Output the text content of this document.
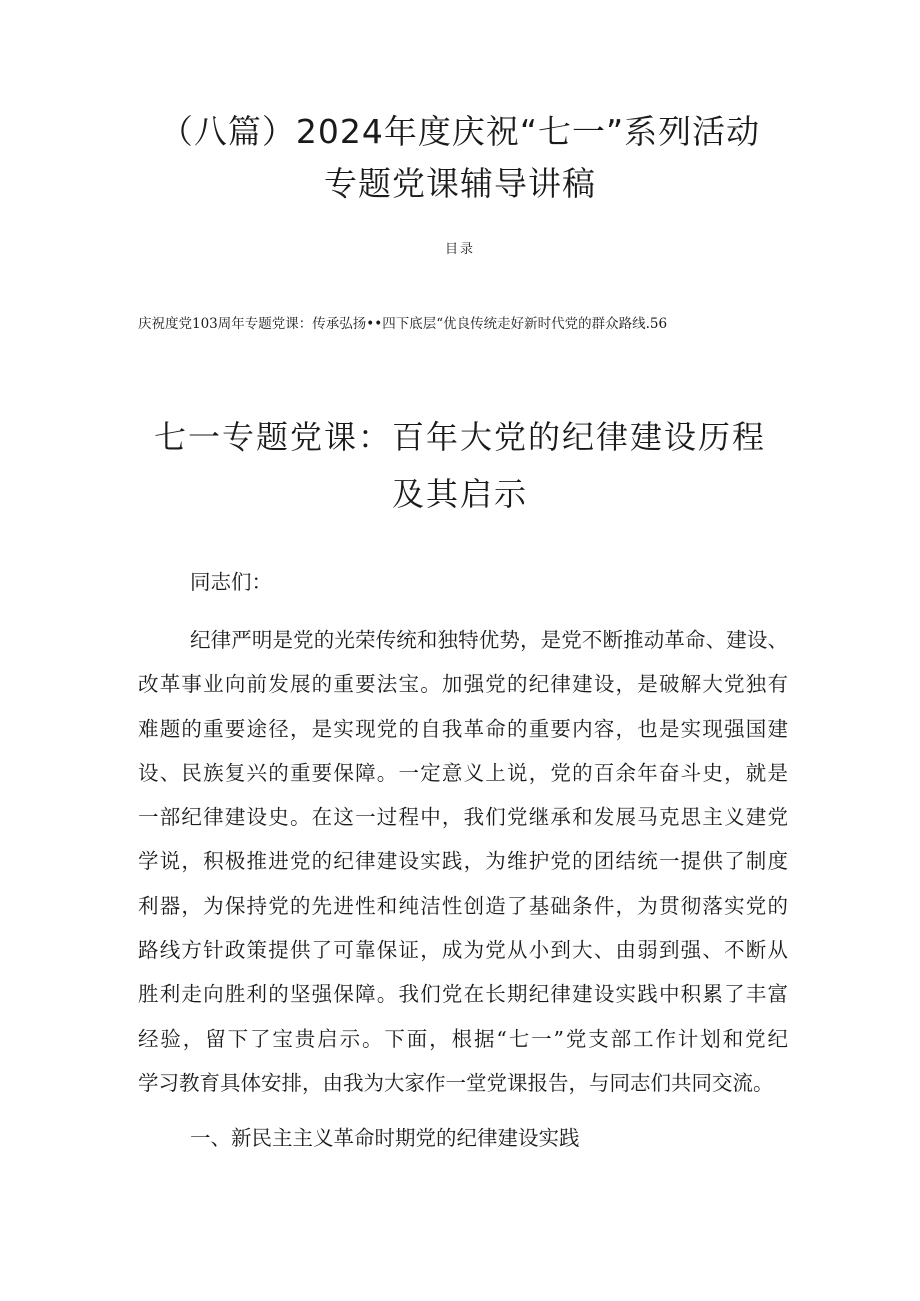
（八篇）2024年度庆祝“七一”系列活动
专题党课辅导讲稿
目录
庆祝度党103周年专题党课：传承弘扬••四下底层“优良传统走好新时代党的群众路线.56
七一专题党课：百年大党的纪律建设历程
及其启示

同志们：

纪律严明是党的光荣传统和独特优势，是党不断推动革命、建设、
改革事业向前发展的重要法宝。加强党的纪律建设，是破解大党独有
难题的重要途径，是实现党的自我革命的重要内容，也是实现强国建
设、民族复兴的重要保障。一定意义上说，党的百余年奋斗史，就是
一部纪律建设史。在这一过程中，我们党继承和发展马克思主义建党
学说，积极推进党的纪律建设实践，为维护党的团结统一提供了制度
利器，为保持党的先进性和纯洁性创造了基础条件，为贯彻落实党的
路线方针政策提供了可靠保证，成为党从小到大、由弱到强、不断从
胜利走向胜利的坚强保障。我们党在长期纪律建设实践中积累了丰富
经验，留下了宝贵启示。下面，根据“七一”党支部工作计划和党纪
学习教育具体安排，由我为大家作一堂党课报告，与同志们共同交流。

一、新民主主义革命时期党的纪律建设实践
